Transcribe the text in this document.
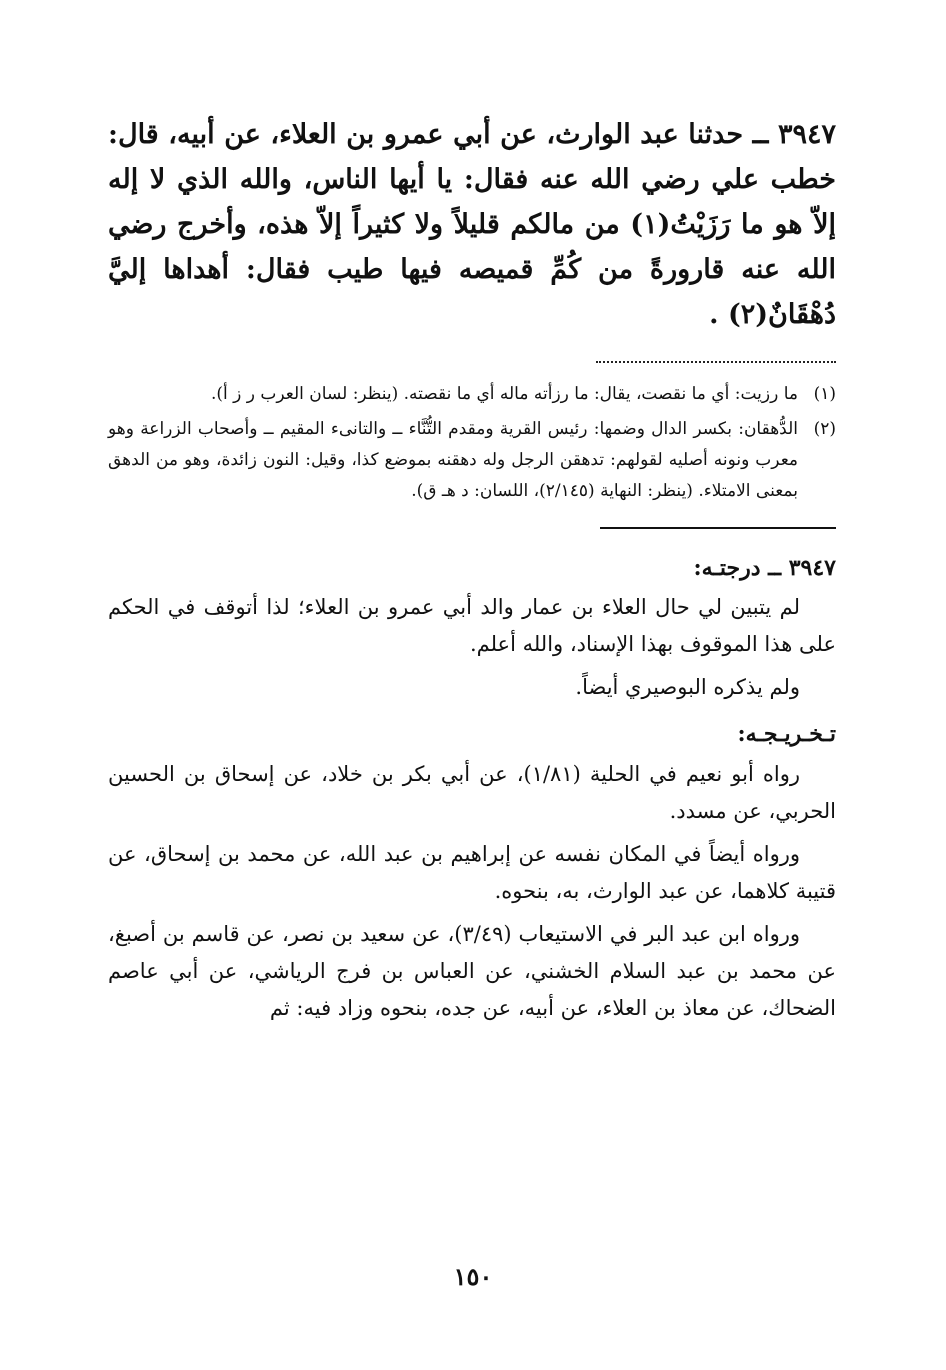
٣٩٤٧ ــ حدثنا عبد الوارث، عن أبي عمرو بن العلاء، عن أبيه، قال: خطب علي رضي الله عنه فقال: يا أيها الناس، والله الذي لا إله إلاّ هو ما رَزَيْتُ(١) من مالكم قليلاً ولا كثيراً إلاّ هذه، وأخرج رضي الله عنه قارورةً من كُمِّ قميصه فيها طيب فقال: أهداها إليَّ دُهْقَانٌ(٢) .

(١)
ما رزيت: أي ما نقصت، يقال: ما رزأته ماله أي ما نقصته. (ينظر: لسان العرب ر ز أ).
(٢)
الدُّهقان: بكسر الدال وضمها: رئيس القرية ومقدم التُّنَّاء ــ والتانىء المقيم ــ وأصحاب الزراعة وهو معرب ونونه أصليه لقولهم: تدهقن الرجل وله دهقنه بموضع كذا، وقيل: النون زائدة، وهو من الدهق بمعنى الامتلاء. (ينظر: النهاية (٢/١٤٥)، اللسان: د هـ ق).
٣٩٤٧ ــ درجتـه:

لم يتبين لي حال العلاء بن عمار والد أبي عمرو بن العلاء؛ لذا أتوقف في الحكم على هذا الموقوف بهذا الإسناد، والله أعلم.

ولم يذكره البوصيري أيضاً.

تـخـريـجـه:

رواه أبو نعيم في الحلية (١/٨١)، عن أبي بكر بن خلاد، عن إسحاق بن الحسين الحربي، عن مسدد.

ورواه أيضاً في المكان نفسه عن إبراهيم بن عبد الله، عن محمد بن إسحاق، عن قتيبة كلاهما، عن عبد الوارث، به، بنحوه.

ورواه ابن عبد البر في الاستيعاب (٣/٤٩)، عن سعيد بن نصر، عن قاسم بن أصبغ، عن محمد بن عبد السلام الخشني، عن العباس بن فرج الرياشي، عن أبي عاصم الضحاك، عن معاذ بن العلاء، عن أبيه، عن جده، بنحوه وزاد فيه: ثم

١٥٠
